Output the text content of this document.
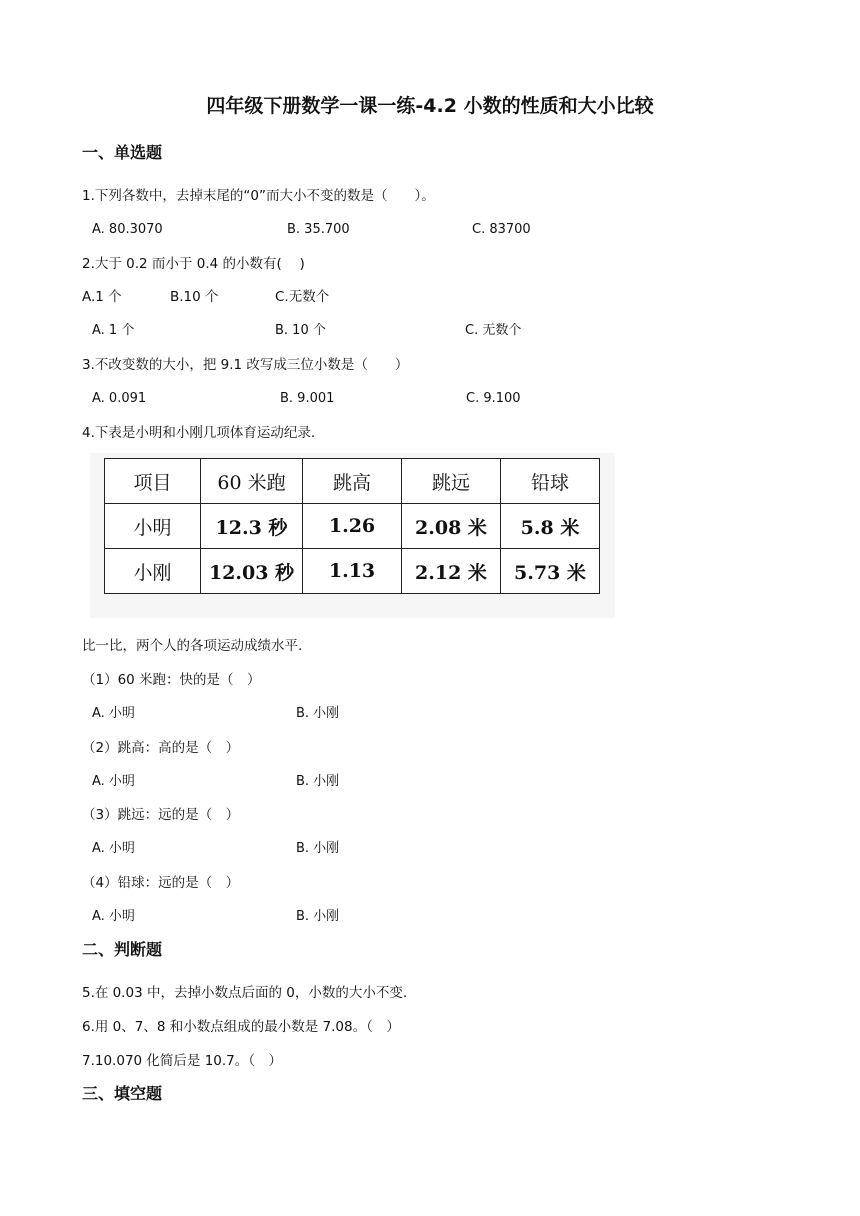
四年级下册数学一课一练-4.2 小数的性质和大小比较
一、单选题
1.下列各数中，去掉末尾的“0”而大小不变的数是（　　）。
A. 80.3070	B. 35.700	C. 83700
2.大于 0.2 而小于 0.4 的小数有(　 )
A.1 个	B.10 个	C.无数个
A. 1 个	B. 10 个	C. 无数个
3.不改变数的大小，把 9.1 改写成三位小数是（　　）
A. 0.091	B. 9.001	C. 9.100
4.下表是小明和小刚几项体育运动纪录.
项目	60 米跑	跳高	跳远	铅球
小明	12.3 秒	1.26	2.08 米	5.8 米
小刚	12.03 秒	1.13	2.12 米	5.73 米
比一比，两个人的各项运动成绩水平.
（1）60 米跑：快的是（　）
A. 小明	B. 小刚
（2）跳高：高的是（　）
A. 小明	B. 小刚
（3）跳远：远的是（　）
A. 小明	B. 小刚
（4）铅球：远的是（　）
A. 小明	B. 小刚
二、判断题
5.在 0.03 中，去掉小数点后面的 0，小数的大小不变.
6.用 0、7、8 和小数点组成的最小数是 7.08。（　）
7.10.070 化简后是 10.7。（　）
三、填空题
